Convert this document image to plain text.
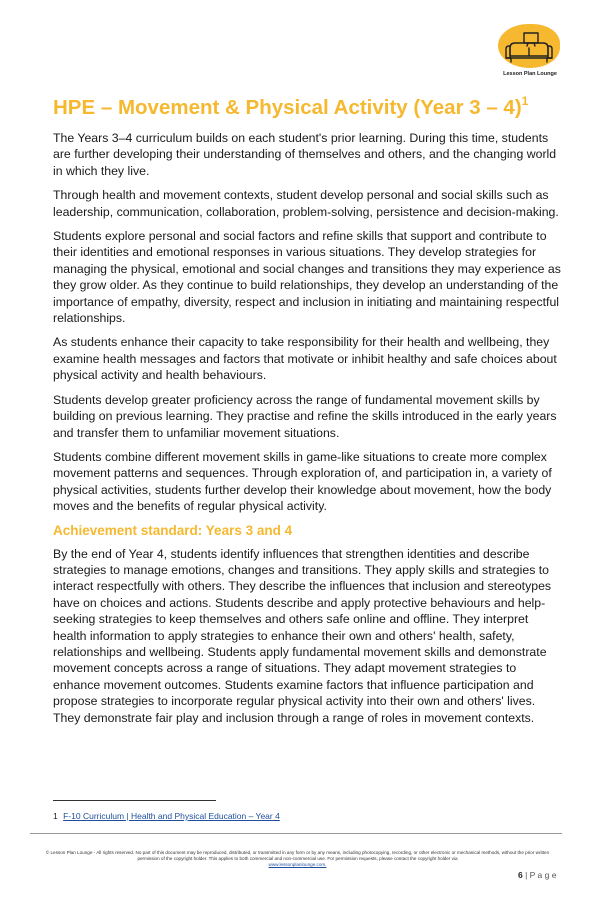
Lesson Plan Lounge
HPE – Movement & Physical Activity (Year 3 – 4)$^1$

The Years 3–4 curriculum builds on each student's prior learning. During this time, students are further developing their understanding of themselves and others, and the changing world in which they live.

Through health and movement contexts, student develop personal and social skills such as leadership, communication, collaboration, problem-solving, persistence and decision-making.

Students explore personal and social factors and refine skills that support and contribute to their identities and emotional responses in various situations. They develop strategies for managing the physical, emotional and social changes and transitions they may experience as they grow older. As they continue to build relationships, they develop an understanding of the importance of empathy, diversity, respect and inclusion in initiating and maintaining respectful relationships.

As students enhance their capacity to take responsibility for their health and wellbeing, they examine health messages and factors that motivate or inhibit healthy and safe choices about physical activity and health behaviours.

Students develop greater proficiency across the range of fundamental movement skills by building on previous learning. They practise and refine the skills introduced in the early years and transfer them to unfamiliar movement situations.

Students combine different movement skills in game-like situations to create more complex movement patterns and sequences. Through exploration of, and participation in, a variety of physical activities, students further develop their knowledge about movement, how the body moves and the benefits of regular physical activity.

Achievement standard: Years 3 and 4

By the end of Year 4, students identify influences that strengthen identities and describe strategies to manage emotions, changes and transitions. They apply skills and strategies to interact respectfully with others. They describe the influences that inclusion and stereotypes have on choices and actions. Students describe and apply protective behaviours and help-seeking strategies to keep themselves and others safe online and offline. They interpret health information to apply strategies to enhance their own and others' health, safety, relationships and wellbeing. Students apply fundamental movement skills and demonstrate movement concepts across a range of situations. They adapt movement strategies to enhance movement outcomes. Students examine factors that influence participation and propose strategies to incorporate regular physical activity into their own and others' lives. They demonstrate fair play and inclusion through a range of roles in movement contexts.

1 F-10 Curriculum | Health and Physical Education – Year 4
© Lesson Plan Lounge - All rights reserved. No part of this document may be reproduced, distributed, or transmitted in any form or by any means, including photocopying, recording, or other electronic or mechanical methods, without the prior written permission of the copyright holder. This applies to both commercial and non-commercial use. For permission requests, please contact the copyright holder via
www.lessonplanlounge.com.
6 | P a g e
